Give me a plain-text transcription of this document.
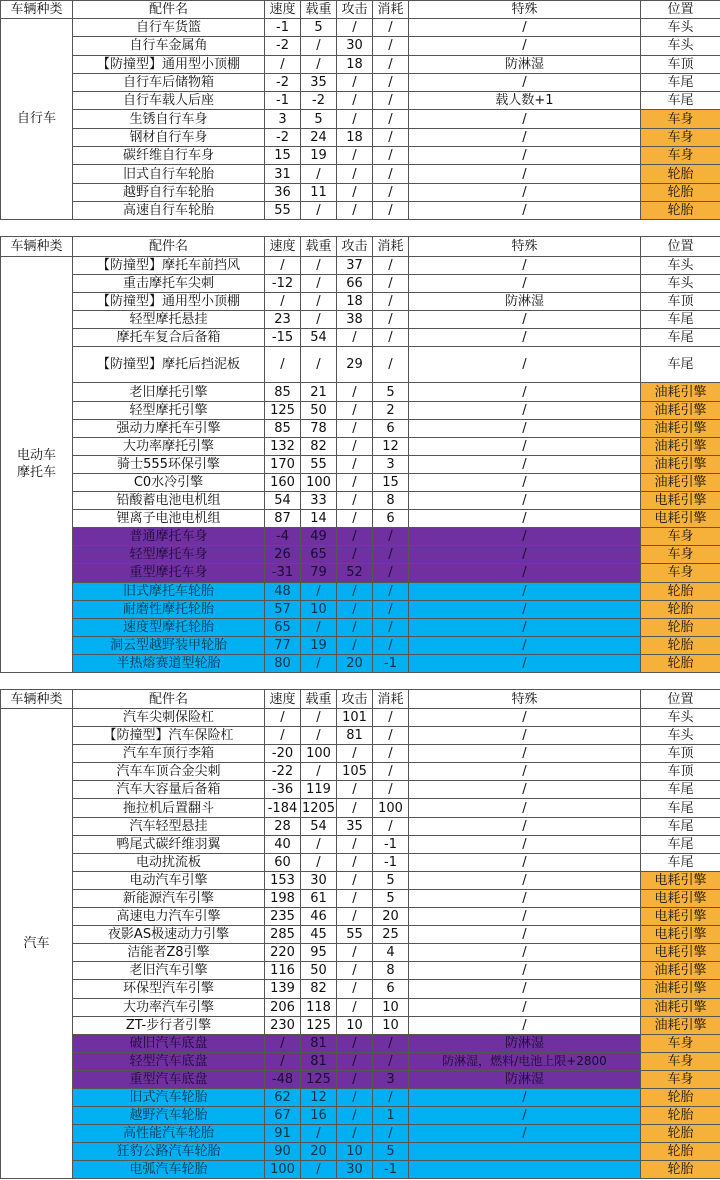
车辆种类	配件名	速度	载重	攻击	消耗	特殊	位置
自行车	自行车货篮	-1	5	/	/	/	车头
	自行车金属角	-2	/	30	/	/	车头
	【防撞型】通用型小顶棚	/	/	18	/	防淋湿	车顶
	自行车后储物箱	-2	35	/	/	/	车尾
	自行车载人后座	-1	-2	/	/	载人数+1	车尾
	生锈自行车身	3	5	/	/	/	车身
	钢材自行车身	-2	24	18	/	/	车身
	碳纤维自行车身	15	19	/	/	/	车身
	旧式自行车轮胎	31	/	/	/	/	轮胎
	越野自行车轮胎	36	11	/	/	/	轮胎
	高速自行车轮胎	55	/	/	/	/	轮胎
车辆种类	配件名	速度	载重	攻击	消耗	特殊	位置
电动车
摩托车	【防撞型】摩托车前挡风	/	/	37	/	/	车头
	重击摩托车尖刺	-12	/	66	/	/	车头
	【防撞型】通用型小顶棚	/	/	18	/	防淋湿	车顶
	轻型摩托悬挂	23	/	38	/	/	车尾
	摩托车复合后备箱	-15	54	/	/	/	车尾
	【防撞型】摩托后挡泥板	/	/	29	/	/	车尾
	老旧摩托引擎	85	21	/	5	/	油耗引擎
	轻型摩托引擎	125	50	/	2	/	油耗引擎
	强动力摩托车引擎	85	78	/	6	/	油耗引擎
	大功率摩托引擎	132	82	/	12	/	油耗引擎
	骑士555环保引擎	170	55	/	3	/	油耗引擎
	C0水冷引擎	160	100	/	15	/	油耗引擎
	铅酸蓄电池电机组	54	33	/	8	/	电耗引擎
	锂离子电池电机组	87	14	/	6	/	电耗引擎
	普通摩托车身	-4	49	/	/	/	车身
	轻型摩托车身	26	65	/	/	/	车身
	重型摩托车身	-31	79	52	/	/	车身
	旧式摩托车轮胎	48	/	/	/	/	轮胎
	耐磨性摩托轮胎	57	10	/	/	/	轮胎
	速度型摩托轮胎	65	/	/	/	/	轮胎
	洞云型越野装甲轮胎	77	19	/	/	/	轮胎
	半热熔赛道型轮胎	80	/	20	-1	/	轮胎
车辆种类	配件名	速度	载重	攻击	消耗	特殊	位置
汽车	汽车尖刺保险杠	/	/	101	/	/	车头
	【防撞型】汽车保险杠	/	/	81	/	/	车头
	汽车车顶行李箱	-20	100	/	/	/	车顶
	汽车车顶合金尖刺	-22	/	105	/	/	车顶
	汽车大容量后备箱	-36	119	/	/	/	车尾
	拖拉机后置翻斗	-184	1205	/	100	/	车尾
	汽车轻型悬挂	28	54	35	/	/	车尾
	鸭尾式碳纤维羽翼	40	/	/	-1	/	车尾
	电动扰流板	60	/	/	-1	/	车尾
	电动汽车引擎	153	30	/	5	/	电耗引擎
	新能源汽车引擎	198	61	/	5	/	电耗引擎
	高速电力汽车引擎	235	46	/	20	/	电耗引擎
	夜影AS极速动力引擎	285	45	55	25	/	电耗引擎
	洁能者Z8引擎	220	95	/	4	/	电耗引擎
	老旧汽车引擎	116	50	/	8	/	油耗引擎
	环保型汽车引擎	139	82	/	6	/	油耗引擎
	大功率汽车引擎	206	118	/	10	/	油耗引擎
	ZT-步行者引擎	230	125	10	10	/	油耗引擎
	破旧汽车底盘	/	81	/	/	防淋湿	车身
	轻型汽车底盘	/	81	/	/	防淋湿，燃料/电池上限+2800	车身
	重型汽车底盘	-48	125	/	3	防淋湿	车身
	旧式汽车轮胎	62	12	/	/	/	轮胎
	越野汽车轮胎	67	16	/	1	/	轮胎
	高性能汽车轮胎	91	/	/	/	/	轮胎
	狂豹公路汽车轮胎	90	20	10	5		轮胎
	电弧汽车轮胎	100	/	30	-1		轮胎
